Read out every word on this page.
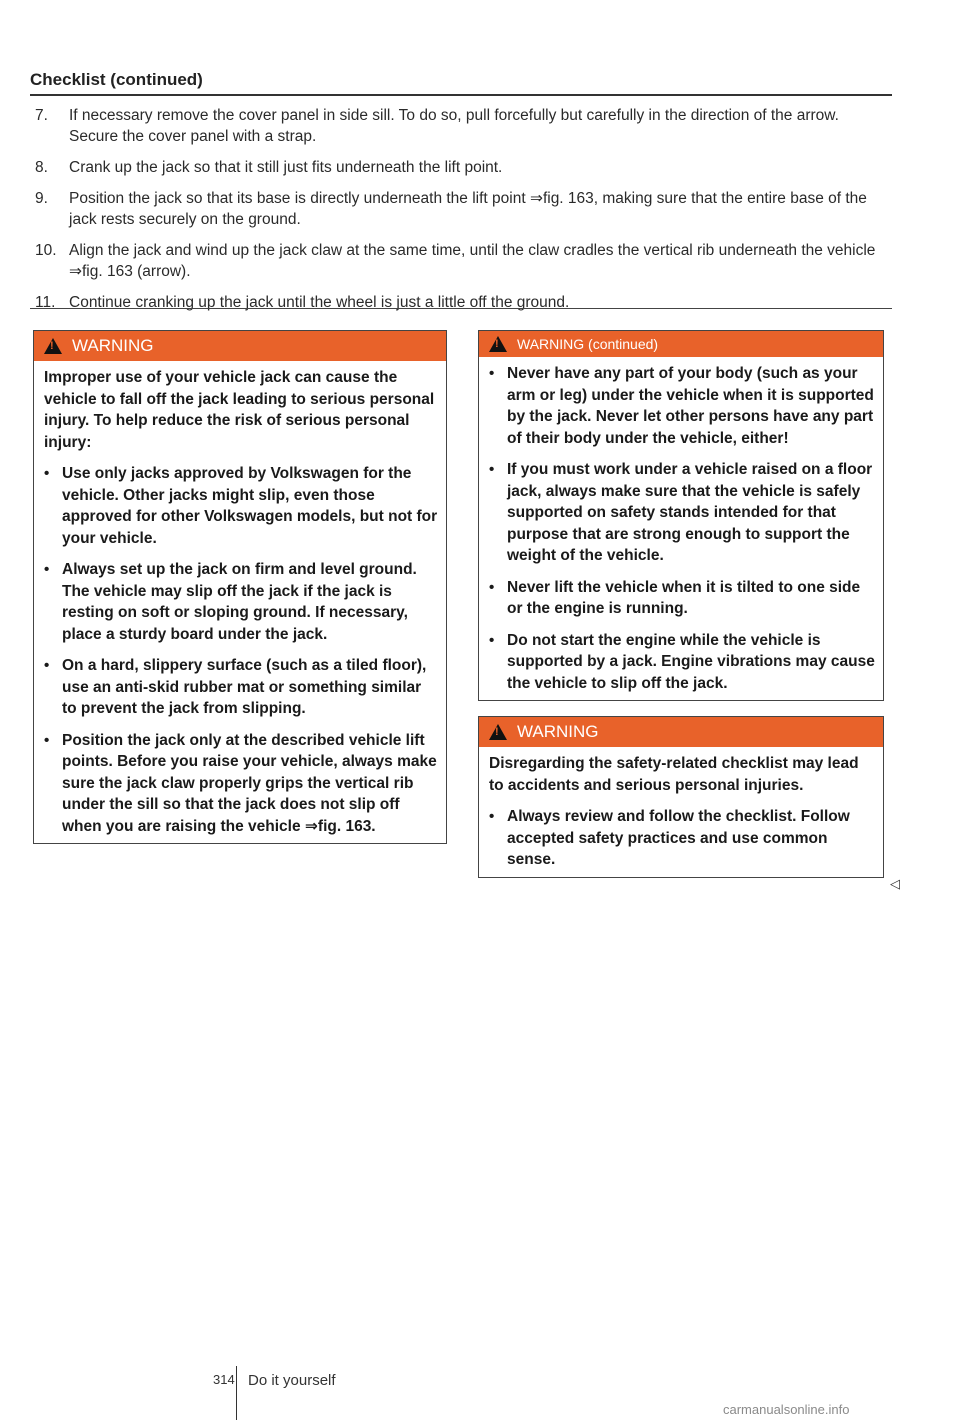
Checklist (continued)
7.	If necessary remove the cover panel in side sill. To do so, pull forcefully but carefully in the direction of the arrow. Secure the cover panel with a strap.
8.	Crank up the jack so that it still just fits underneath the lift point.
9.	Position the jack so that its base is directly underneath the lift point ⇒fig. 163, making sure that the entire base of the jack rests securely on the ground.
10. Align the jack and wind up the jack claw at the same time, until the claw cradles the vertical rib underneath the vehicle ⇒fig. 163 (arrow).
11. Continue cranking up the jack until the wheel is just a little off the ground.
!
WARNING

Improper use of your vehicle jack can cause the vehicle to fall off the jack leading to serious personal injury. To help reduce the risk of serious personal injury:

• Use only jacks approved by Volkswagen for the vehicle. Other jacks might slip, even those approved for other Volkswagen models, but not for your vehicle.
• Always set up the jack on firm and level ground. The vehicle may slip off the jack if the jack is resting on soft or sloping ground. If necessary, place a sturdy board under the jack.
• On a hard, slippery surface (such as a tiled floor), use an anti-skid rubber mat or something similar to prevent the jack from slipping.
• Position the jack only at the described vehicle lift points. Before you raise your vehicle, always make sure the jack claw properly grips the vertical rib under the sill so that the jack does not slip off when you are raising the vehicle ⇒fig. 163.
!
WARNING (continued)
• Never have any part of your body (such as your arm or leg) under the vehicle when it is supported by the jack. Never let other persons have any part of their body under the vehicle, either!
• If you must work under a vehicle raised on a floor jack, always make sure that the vehicle is safely supported on safety stands intended for that purpose that are strong enough to support the weight of the vehicle.
• Never lift the vehicle when it is tilted to one side or the engine is running.
• Do not start the engine while the vehicle is supported by a jack. Engine vibrations may cause the vehicle to slip off the jack.
!
WARNING

Disregarding the safety-related checklist may lead to accidents and serious personal injuries.

• Always review and follow the checklist. Follow accepted safety practices and use common sense.
◁
314 Do it yourself
carmanualsonline.info
